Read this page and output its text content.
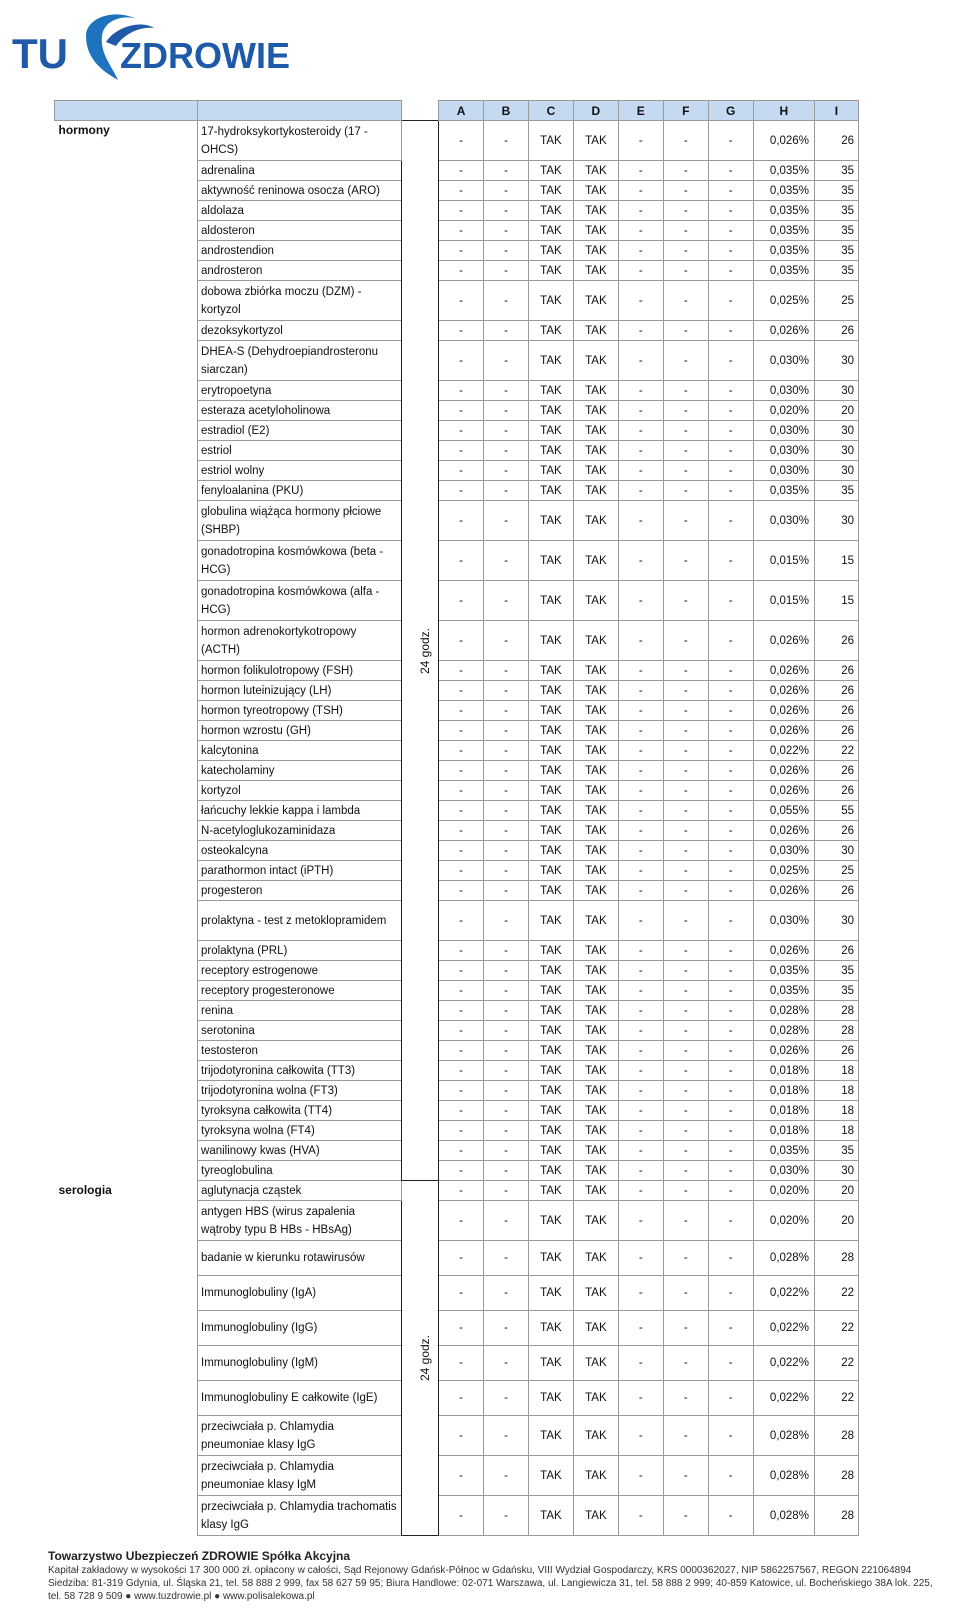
TU ZDROWIE
			A	B	C	D	E	F	G	H	I
hormony	17-hydroksykortykosteroidy (17 - OHCS)	24 godz.	-	-	TAK	TAK	-	-	-	0,026%	26
	adrenalina		-	-	TAK	TAK	-	-	-	0,035%	35
	aktywność reninowa osocza (ARO)		-	-	TAK	TAK	-	-	-	0,035%	35
	aldolaza		-	-	TAK	TAK	-	-	-	0,035%	35
	aldosteron		-	-	TAK	TAK	-	-	-	0,035%	35
	androstendion		-	-	TAK	TAK	-	-	-	0,035%	35
	androsteron		-	-	TAK	TAK	-	-	-	0,035%	35
	dobowa zbiórka moczu (DZM) - kortyzol		-	-	TAK	TAK	-	-	-	0,025%	25
	dezoksykortyzol		-	-	TAK	TAK	-	-	-	0,026%	26
	DHEA-S (Dehydroepiandrosteronu siarczan)		-	-	TAK	TAK	-	-	-	0,030%	30
	erytropoetyna		-	-	TAK	TAK	-	-	-	0,030%	30
	esteraza acetyloholinowa		-	-	TAK	TAK	-	-	-	0,020%	20
	estradiol (E2)		-	-	TAK	TAK	-	-	-	0,030%	30
	estriol		-	-	TAK	TAK	-	-	-	0,030%	30
	estriol wolny		-	-	TAK	TAK	-	-	-	0,030%	30
	fenyloalanina (PKU)		-	-	TAK	TAK	-	-	-	0,035%	35
	globulina wiążąca hormony płciowe (SHBP)		-	-	TAK	TAK	-	-	-	0,030%	30
	gonadotropina kosmówkowa (beta - HCG)		-	-	TAK	TAK	-	-	-	0,015%	15
	gonadotropina kosmówkowa (alfa - HCG)		-	-	TAK	TAK	-	-	-	0,015%	15
	hormon adrenokortykotropowy (ACTH)		-	-	TAK	TAK	-	-	-	0,026%	26
	hormon folikulotropowy (FSH)		-	-	TAK	TAK	-	-	-	0,026%	26
	hormon luteinizujący (LH)		-	-	TAK	TAK	-	-	-	0,026%	26
	hormon tyreotropowy (TSH)		-	-	TAK	TAK	-	-	-	0,026%	26
	hormon wzrostu (GH)		-	-	TAK	TAK	-	-	-	0,026%	26
	kalcytonina		-	-	TAK	TAK	-	-	-	0,022%	22
	katecholaminy		-	-	TAK	TAK	-	-	-	0,026%	26
	kortyzol		-	-	TAK	TAK	-	-	-	0,026%	26
	łańcuchy lekkie kappa i lambda		-	-	TAK	TAK	-	-	-	0,055%	55
	N-acetyloglukozaminidaza		-	-	TAK	TAK	-	-	-	0,026%	26
	osteokalcyna		-	-	TAK	TAK	-	-	-	0,030%	30
	parathormon intact (iPTH)		-	-	TAK	TAK	-	-	-	0,025%	25
	progesteron		-	-	TAK	TAK	-	-	-	0,026%	26
	prolaktyna - test z metoklopramidem		-	-	TAK	TAK	-	-	-	0,030%	30
	prolaktyna (PRL)		-	-	TAK	TAK	-	-	-	0,026%	26
	receptory estrogenowe		-	-	TAK	TAK	-	-	-	0,035%	35
	receptory progesteronowe		-	-	TAK	TAK	-	-	-	0,035%	35
	renina		-	-	TAK	TAK	-	-	-	0,028%	28
	serotonina		-	-	TAK	TAK	-	-	-	0,028%	28
	testosteron		-	-	TAK	TAK	-	-	-	0,026%	26
	trijodotyronina całkowita (TT3)		-	-	TAK	TAK	-	-	-	0,018%	18
	trijodotyronina wolna (FT3)		-	-	TAK	TAK	-	-	-	0,018%	18
	tyroksyna całkowita (TT4)		-	-	TAK	TAK	-	-	-	0,018%	18
	tyroksyna wolna (FT4)		-	-	TAK	TAK	-	-	-	0,018%	18
	wanilinowy kwas (HVA)		-	-	TAK	TAK	-	-	-	0,035%	35
	tyreoglobulina		-	-	TAK	TAK	-	-	-	0,030%	30
serologia	aglutynacja cząstek	24 godz.	-	-	TAK	TAK	-	-	-	0,020%	20
	antygen HBS (wirus zapalenia wątroby typu B HBs - HBsAg)		-	-	TAK	TAK	-	-	-	0,020%	20
	badanie w kierunku rotawirusów		-	-	TAK	TAK	-	-	-	0,028%	28
	Immunoglobuliny (IgA)		-	-	TAK	TAK	-	-	-	0,022%	22
	Immunoglobuliny (IgG)		-	-	TAK	TAK	-	-	-	0,022%	22
	Immunoglobuliny (IgM)		-	-	TAK	TAK	-	-	-	0,022%	22
	Immunoglobuliny E całkowite (IgE)		-	-	TAK	TAK	-	-	-	0,022%	22
	przeciwciała p. Chlamydia pneumoniae klasy IgG		-	-	TAK	TAK	-	-	-	0,028%	28
	przeciwciała p. Chlamydia pneumoniae klasy IgM		-	-	TAK	TAK	-	-	-	0,028%	28
	przeciwciała p. Chlamydia trachomatis klasy IgG		-	-	TAK	TAK	-	-	-	0,028%	28
Towarzystwo Ubezpieczeń ZDROWIE Spółka Akcyjna
Kapitał zakładowy w wysokości 17 300 000 zł. opłacony w całości, Sąd Rejonowy Gdańsk-Północ w Gdańsku, VIII Wydział Gospodarczy, KRS 0000362027, NIP 5862257567, REGON 221064894
Siedziba: 81-319 Gdynia, ul. Śląska 21, tel. 58 888 2 999, fax 58 627 59 95; Biura Handlowe: 02-071 Warszawa, ul. Langiewicza 31, tel. 58 888 2 999; 40-859 Katowice, ul. Bocheńskiego 38A lok. 225,
tel. 58 728 9 509 ● www.tuzdrowie.pl ● www.polisalekowa.pl
